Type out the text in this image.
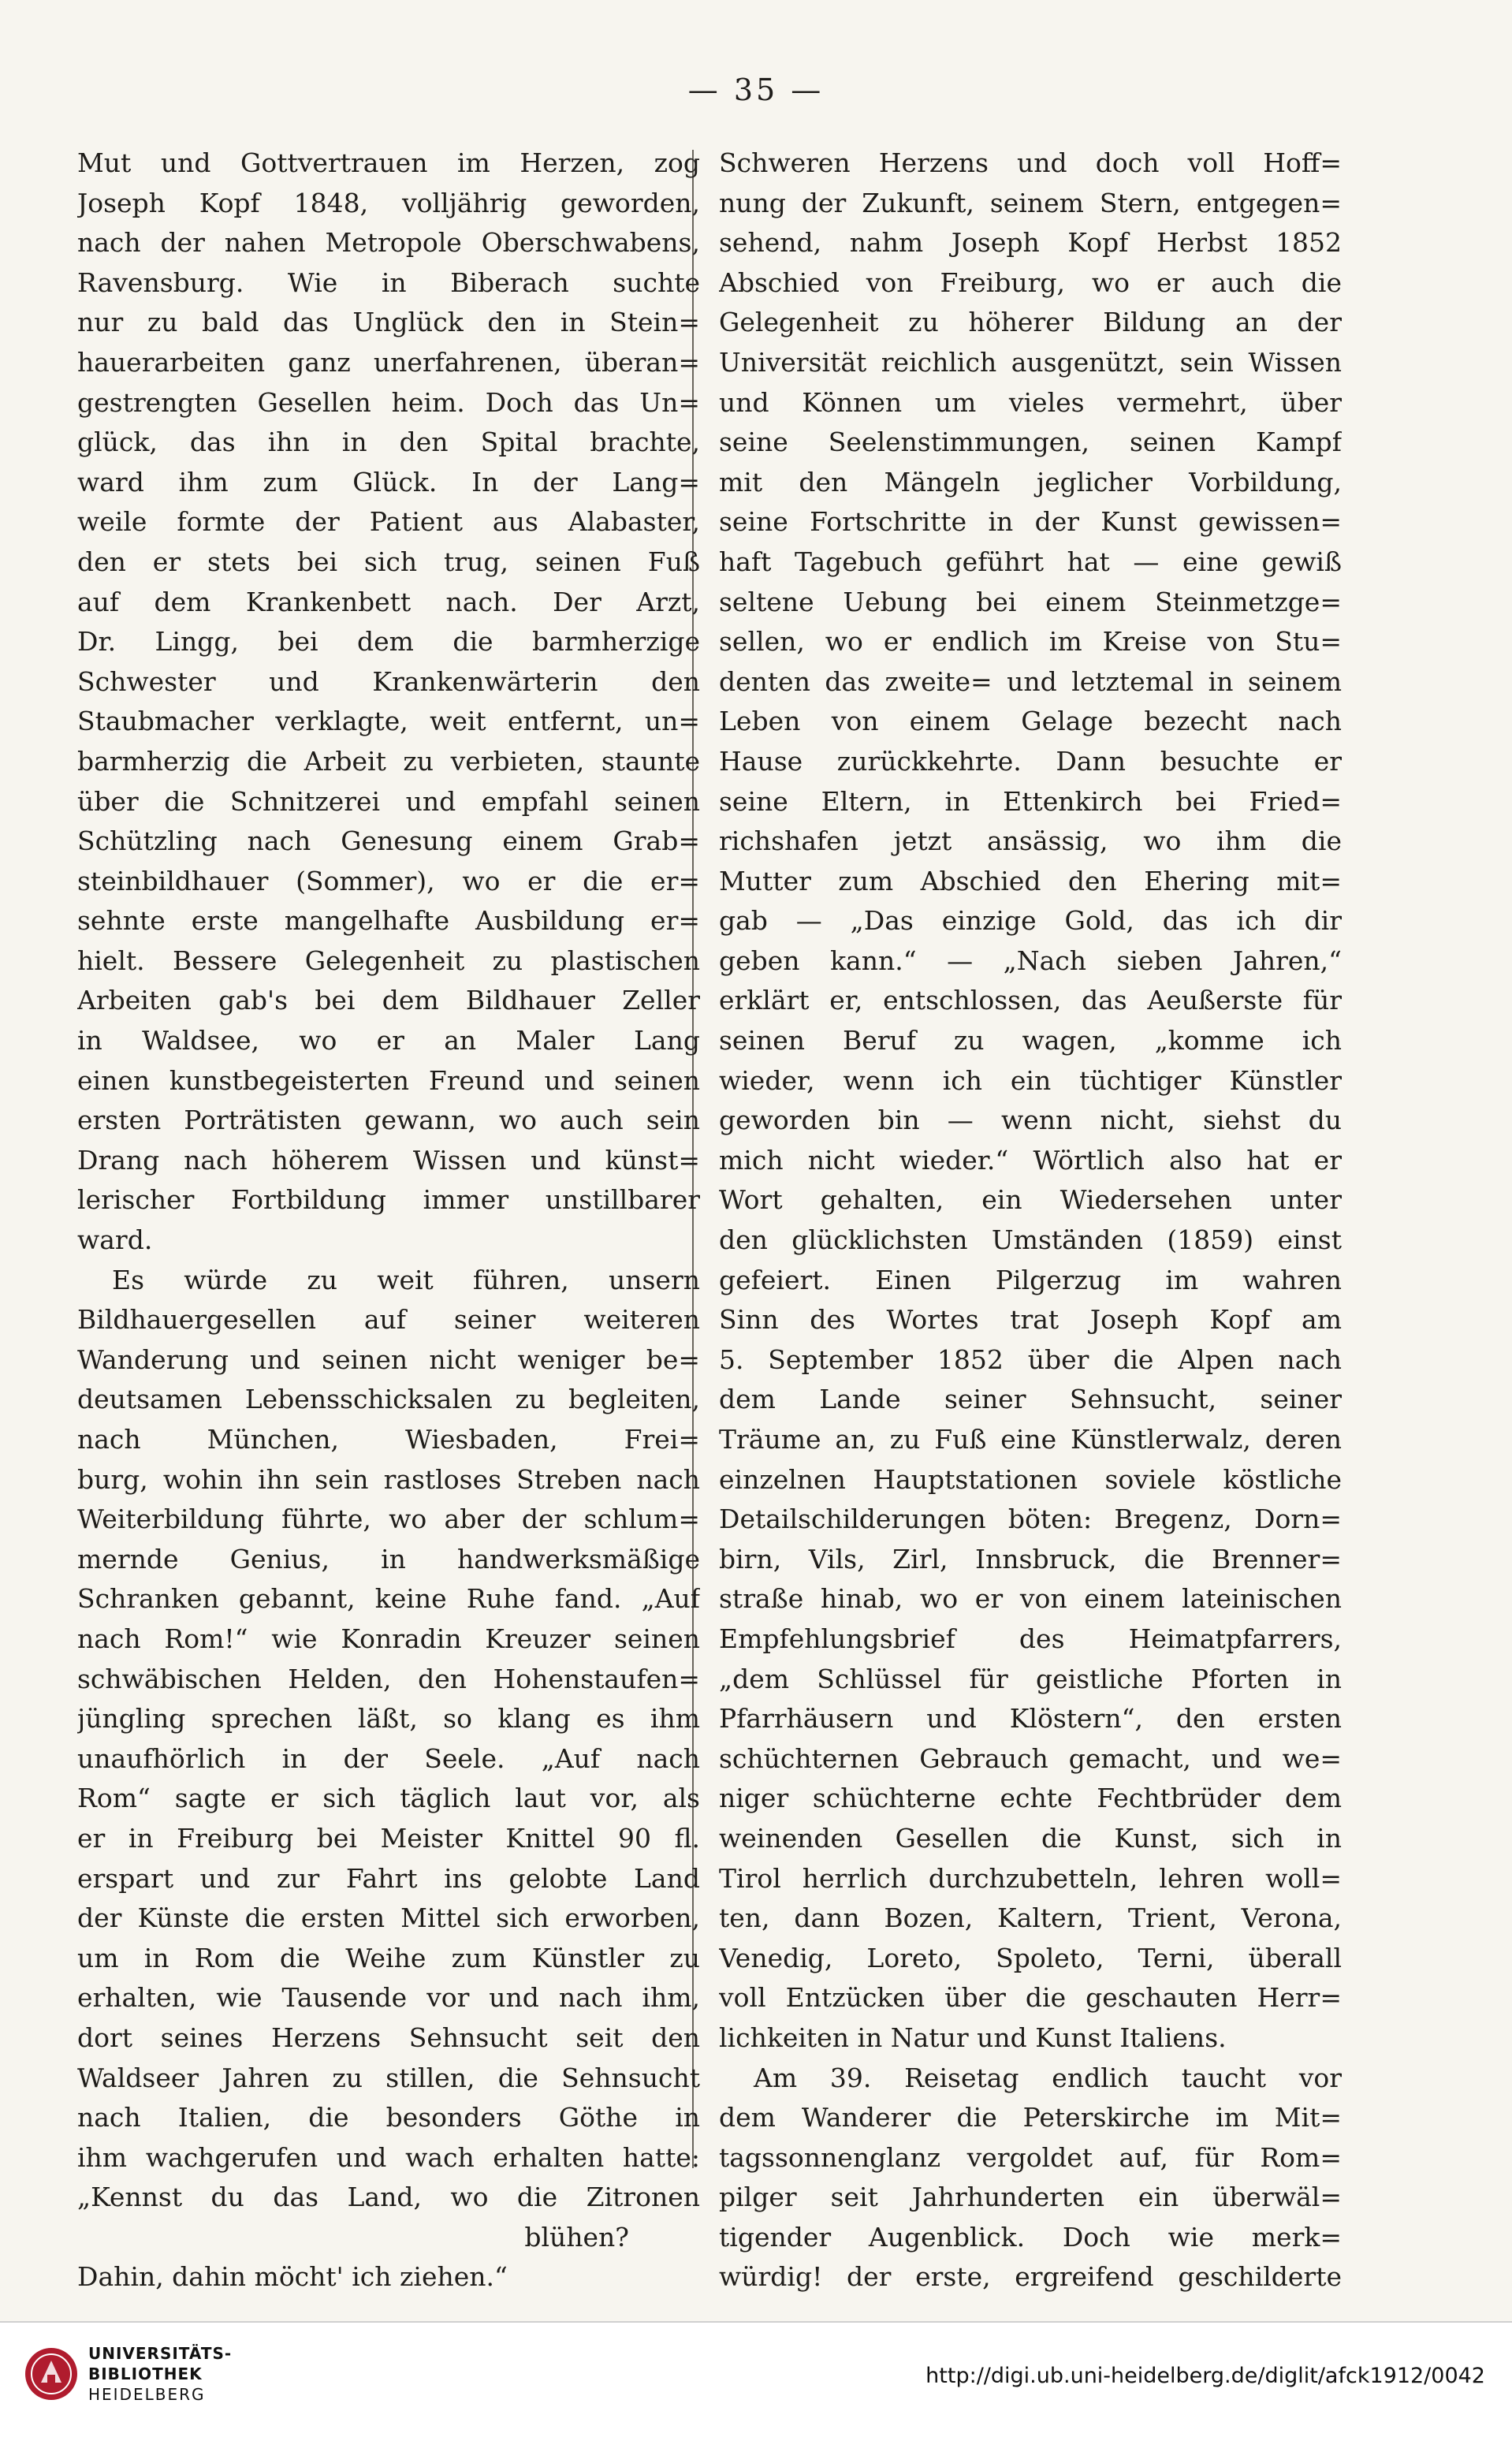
— 35 —
Mut und Gottvertrauen im Herzen, zog
Joseph Kopf 1848, volljährig geworden,
nach der nahen Metropole Oberschwabens,
Ravensburg. Wie in Biberach suchte
nur zu bald das Unglück den in Stein=
hauerarbeiten ganz unerfahrenen, überan=
gestrengten Gesellen heim. Doch das Un=
glück, das ihn in den Spital brachte,
ward ihm zum Glück. In der Lang=
weile formte der Patient aus Alabaster,
den er stets bei sich trug, seinen Fuß
auf dem Krankenbett nach. Der Arzt,
Dr. Lingg, bei dem die barmherzige
Schwester und Krankenwärterin den
Staubmacher verklagte, weit entfernt, un=
barmherzig die Arbeit zu verbieten, staunte
über die Schnitzerei und empfahl seinen
Schützling nach Genesung einem Grab=
steinbildhauer (Sommer), wo er die er=
sehnte erste mangelhafte Ausbildung er=
hielt. Bessere Gelegenheit zu plastischen
Arbeiten gab's bei dem Bildhauer Zeller
in Waldsee, wo er an Maler Lang
einen kunstbegeisterten Freund und seinen
ersten Porträtisten gewann, wo auch sein
Drang nach höherem Wissen und künst=
lerischer Fortbildung immer unstillbarer
ward.
Es würde zu weit führen, unsern
Bildhauergesellen auf seiner weiteren
Wanderung und seinen nicht weniger be=
deutsamen Lebensschicksalen zu begleiten,
nach München, Wiesbaden, Frei=
burg, wohin ihn sein rastloses Streben nach
Weiterbildung führte, wo aber der schlum=
mernde Genius, in handwerksmäßige
Schranken gebannt, keine Ruhe fand. „Auf
nach Rom!“ wie Konradin Kreuzer seinen
schwäbischen Helden, den Hohenstaufen=
jüngling sprechen läßt, so klang es ihm
unaufhörlich in der Seele. „Auf nach
Rom“ sagte er sich täglich laut vor, als
er in Freiburg bei Meister Knittel 90 fl.
erspart und zur Fahrt ins gelobte Land
der Künste die ersten Mittel sich erworben,
um in Rom die Weihe zum Künstler zu
erhalten, wie Tausende vor und nach ihm,
dort seines Herzens Sehnsucht seit den
Waldseer Jahren zu stillen, die Sehnsucht
nach Italien, die besonders Göthe in
ihm wachgerufen und wach erhalten hatte:
„Kennst du das Land, wo die Zitronen
blühen?
Dahin, dahin möcht' ich ziehen.“
Schweren Herzens und doch voll Hoff=
nung der Zukunft, seinem Stern, entgegen=
sehend, nahm Joseph Kopf Herbst 1852
Abschied von Freiburg, wo er auch die
Gelegenheit zu höherer Bildung an der
Universität reichlich ausgenützt, sein Wissen
und Können um vieles vermehrt, über
seine Seelenstimmungen, seinen Kampf
mit den Mängeln jeglicher Vorbildung,
seine Fortschritte in der Kunst gewissen=
haft Tagebuch geführt hat — eine gewiß
seltene Uebung bei einem Steinmetzge=
sellen, wo er endlich im Kreise von Stu=
denten das zweite= und letztemal in seinem
Leben von einem Gelage bezecht nach
Hause zurückkehrte. Dann besuchte er
seine Eltern, in Ettenkirch bei Fried=
richshafen jetzt ansässig, wo ihm die
Mutter zum Abschied den Ehering mit=
gab — „Das einzige Gold, das ich dir
geben kann.“ — „Nach sieben Jahren,“
erklärt er, entschlossen, das Aeußerste für
seinen Beruf zu wagen, „komme ich
wieder, wenn ich ein tüchtiger Künstler
geworden bin — wenn nicht, siehst du
mich nicht wieder.“ Wörtlich also hat er
Wort gehalten, ein Wiedersehen unter
den glücklichsten Umständen (1859) einst
gefeiert. Einen Pilgerzug im wahren
Sinn des Wortes trat Joseph Kopf am
5. September 1852 über die Alpen nach
dem Lande seiner Sehnsucht, seiner
Träume an, zu Fuß eine Künstlerwalz, deren
einzelnen Hauptstationen soviele köstliche
Detailschilderungen böten: Bregenz, Dorn=
birn, Vils, Zirl, Innsbruck, die Brenner=
straße hinab, wo er von einem lateinischen
Empfehlungsbrief des Heimatpfarrers,
„dem Schlüssel für geistliche Pforten in
Pfarrhäusern und Klöstern“, den ersten
schüchternen Gebrauch gemacht, und we=
niger schüchterne echte Fechtbrüder dem
weinenden Gesellen die Kunst, sich in
Tirol herrlich durchzubetteln, lehren woll=
ten, dann Bozen, Kaltern, Trient, Verona,
Venedig, Loreto, Spoleto, Terni, überall
voll Entzücken über die geschauten Herr=
lichkeiten in Natur und Kunst Italiens.
Am 39. Reisetag endlich taucht vor
dem Wanderer die Peterskirche im Mit=
tagssonnenglanz vergoldet auf, für Rom=
pilger seit Jahrhunderten ein überwäl=
tigender Augenblick. Doch wie merk=
würdig! der erste, ergreifend geschilderte
UNIVERSITÄTS-
BIBLIOTHEK
HEIDELBERG
http://digi.ub.uni-heidelberg.de/diglit/afck1912/0042
